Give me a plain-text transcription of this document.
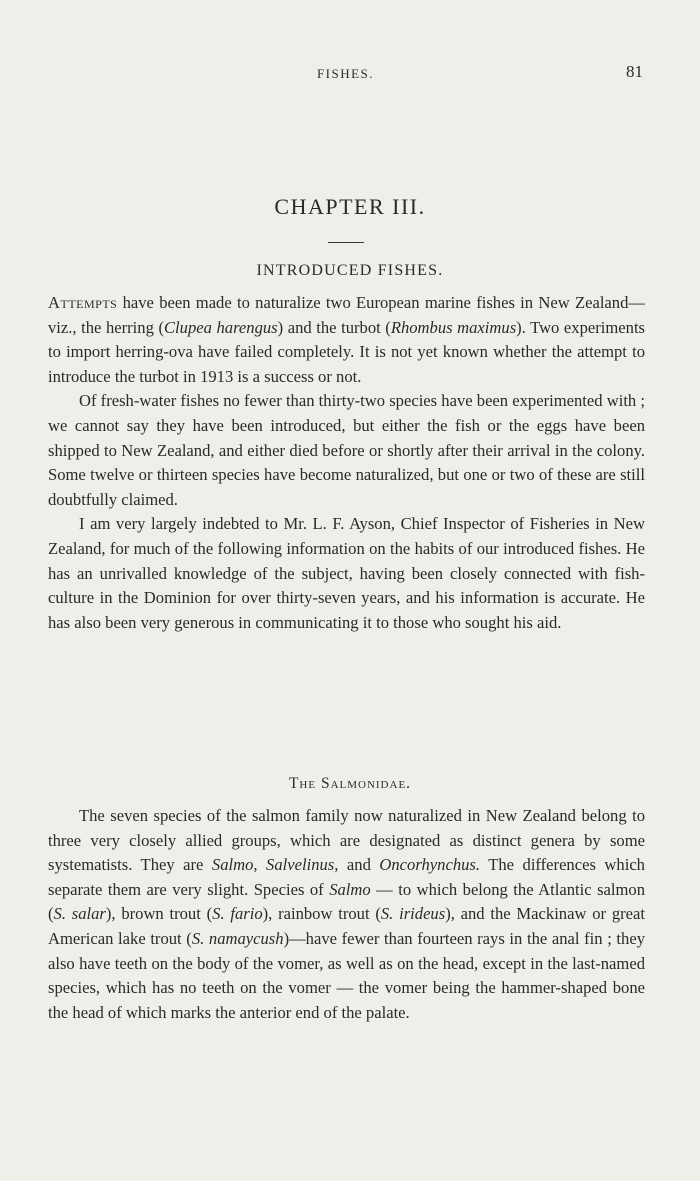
FISHES.	81
CHAPTER III.
INTRODUCED FISHES.

Attempts have been made to naturalize two European marine fishes in New Zealand—viz., the herring (Clupea harengus) and the turbot (Rhombus maximus). Two experiments to import herring-ova have failed completely. It is not yet known whether the attempt to introduce the turbot in 1913 is a success or not.

Of fresh-water fishes no fewer than thirty-two species have been experimented with ; we cannot say they have been introduced, but either the fish or the eggs have been shipped to New Zealand, and either died before or shortly after their arrival in the colony. Some twelve or thirteen species have become naturalized, but one or two of these are still doubtfully claimed.

I am very largely indebted to Mr. L. F. Ayson, Chief Inspector of Fisheries in New Zealand, for much of the following information on the habits of our introduced fishes. He has an unrivalled knowledge of the subject, having been closely connected with fish-culture in the Dominion for over thirty-seven years, and his information is accurate. He has also been very generous in communicating it to those who sought his aid.

The Salmonidae.

The seven species of the salmon family now naturalized in New Zealand belong to three very closely allied groups, which are designated as distinct genera by some systematists. They are Salmo, Salvelinus, and Oncorhynchus. The differences which separate them are very slight. Species of Salmo — to which belong the Atlantic salmon (S. salar), brown trout (S. fario), rainbow trout (S. irideus), and the Mackinaw or great American lake trout (S. namaycush)—have fewer than fourteen rays in the anal fin ; they also have teeth on the body of the vomer, as well as on the head, except in the last-named species, which has no teeth on the vomer — the vomer being the hammer-shaped bone the head of which marks the anterior end of the palate.
